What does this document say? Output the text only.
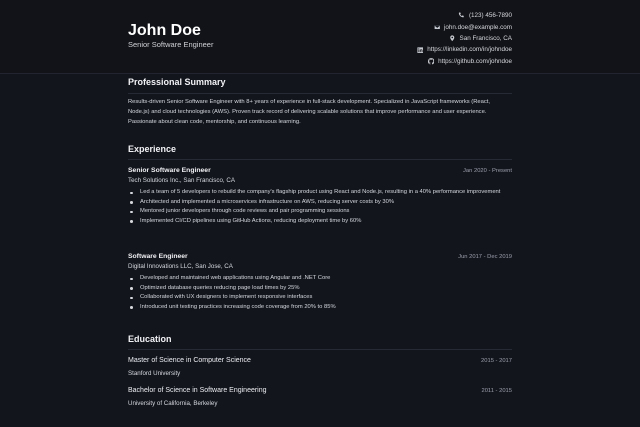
John Doe
Senior Software Engineer
(123) 456-7890
john.doe@example.com
San Francisco, CA
https://linkedin.com/in/johndoe
https://github.com/johndoe
Professional Summary
Results-driven Senior Software Engineer with 8+ years of experience in full-stack development. Specialized in JavaScript frameworks (React, Node.js) and cloud technologies (AWS). Proven track record of delivering scalable solutions that improve performance and user experience. Passionate about clean code, mentorship, and continuous learning.
Experience
Senior Software Engineer	Jan 2020 - Present
Tech Solutions Inc., San Francisco, CA
Led a team of 5 developers to rebuild the company's flagship product using React and Node.js, resulting in a 40% performance improvement
Architected and implemented a microservices infrastructure on AWS, reducing server costs by 30%
Mentored junior developers through code reviews and pair programming sessions
Implemented CI/CD pipelines using GitHub Actions, reducing deployment time by 60%
Software Engineer	Jun 2017 - Dec 2019
Digital Innovations LLC, San Jose, CA
Developed and maintained web applications using Angular and .NET Core
Optimized database queries reducing page load times by 25%
Collaborated with UX designers to implement responsive interfaces
Introduced unit testing practices increasing code coverage from 20% to 85%
Education
Master of Science in Computer Science	2015 - 2017
Stanford University
Bachelor of Science in Software Engineering	2011 - 2015
University of California, Berkeley
